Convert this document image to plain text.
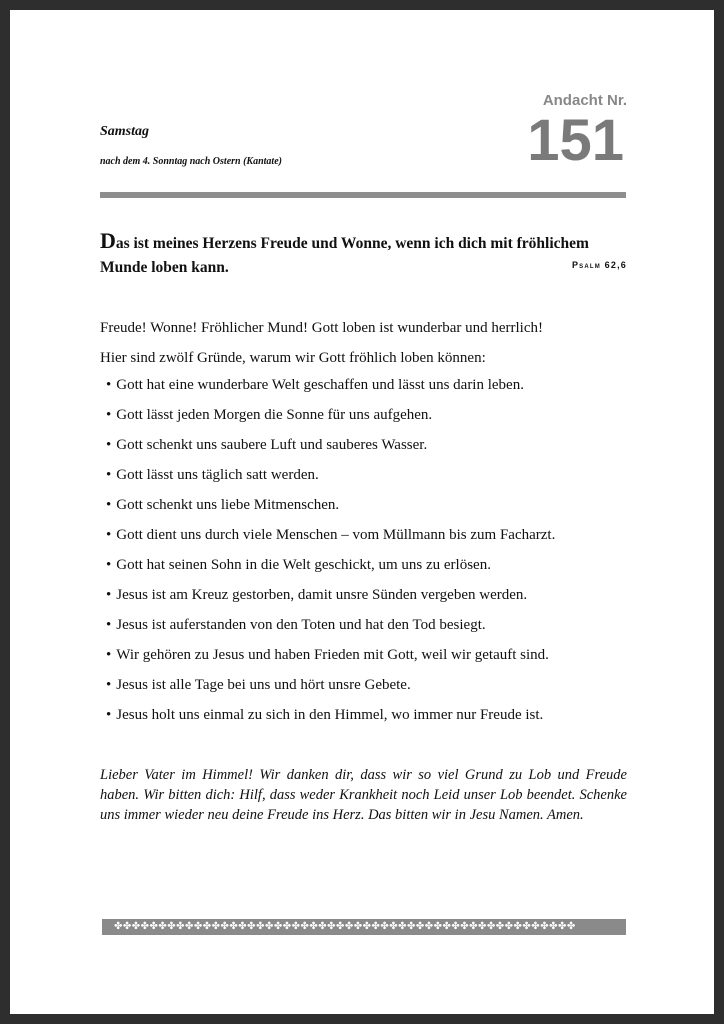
Samstag
nach dem 4. Sonntag nach Ostern (Kantate)
Andacht Nr.
151
Das ist meines Herzens Freude und Wonne, wenn ich dich mit fröhlichem Munde loben kann.	Psalm 62,6

Freude! Wonne! Fröhlicher Mund! Gott loben ist wunderbar und herrlich!

Hier sind zwölf Gründe, warum wir Gott fröhlich loben können:

• Gott hat eine wunderbare Welt geschaffen und lässt uns darin leben.
• Gott lässt jeden Morgen die Sonne für uns aufgehen.
• Gott schenkt uns saubere Luft und sauberes Wasser.
• Gott lässt uns täglich satt werden.
• Gott schenkt uns liebe Mitmenschen.
• Gott dient uns durch viele Menschen – vom Müllmann bis zum Facharzt.
• Gott hat seinen Sohn in die Welt geschickt, um uns zu erlösen.
• Jesus ist am Kreuz gestorben, damit unsre Sünden vergeben werden.
• Jesus ist auferstanden von den Toten und hat den Tod besiegt.
• Wir gehören zu Jesus und haben Frieden mit Gott, weil wir getauft sind.
• Jesus ist alle Tage bei uns und hört unsre Gebete.
• Jesus holt uns einmal zu sich in den Himmel, wo immer nur Freude ist.
Lieber Vater im Himmel! Wir danken dir, dass wir so viel Grund zu Lob und Freude haben. Wir bitten dich: Hilf, dass weder Krankheit noch Leid unser Lob beendet. Schenke uns immer wieder neu deine Freude ins Herz. Das bitten wir in Jesu Namen. Amen.
✤✤✤✤✤✤✤✤✤✤✤✤✤✤✤✤✤✤✤✤✤✤✤✤✤✤✤✤✤✤✤✤✤✤✤✤✤✤✤✤✤✤✤✤✤✤✤✤✤✤✤✤
